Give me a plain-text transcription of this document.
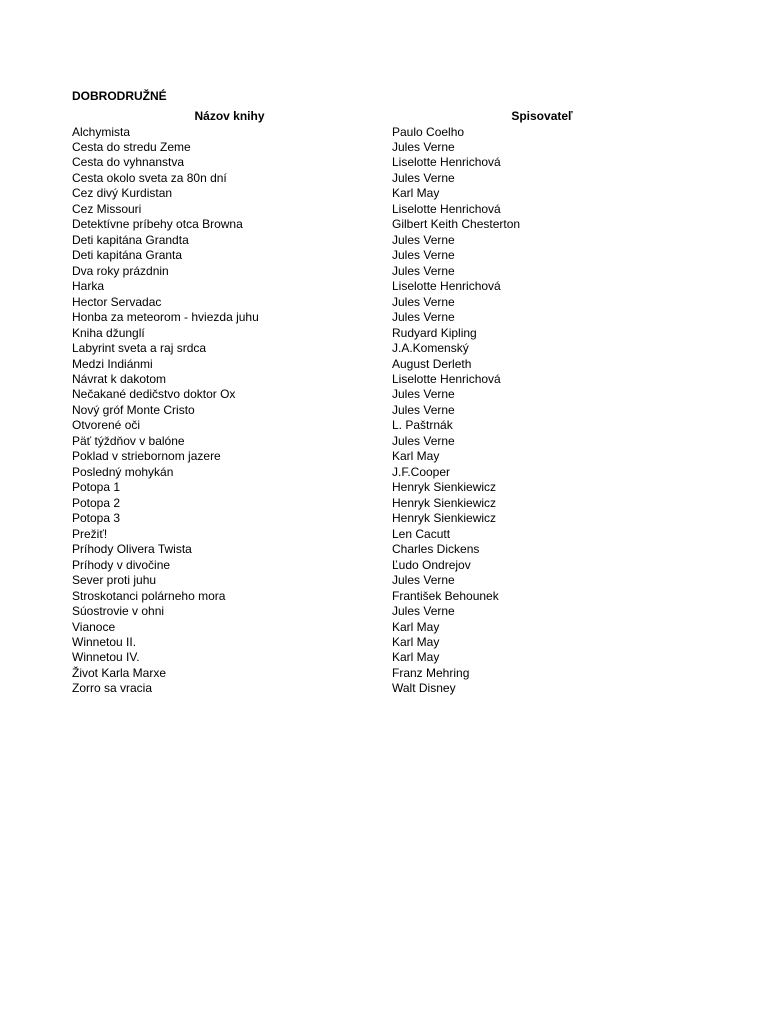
DOBRODRUŽNÉ
Názov knihy	Spisovateľ
Alchymista	Paulo Coelho
Cesta do stredu Zeme	Jules Verne
Cesta do vyhnanstva	Liselotte Henrichová
Cesta okolo sveta za 80n dní	Jules Verne
Cez divý Kurdistan	Karl May
Cez Missouri	Liselotte Henrichová
Detektívne príbehy otca Browna	Gilbert Keith Chesterton
Deti kapitána Grandta	Jules Verne
Deti kapitána Granta	Jules Verne
Dva roky prázdnin	Jules Verne
Harka	Liselotte Henrichová
Hector Servadac	Jules Verne
Honba za meteorom - hviezda juhu	Jules Verne
Kniha džunglí	Rudyard Kipling
Labyrint sveta a raj srdca	J.A.Komenský
Medzi Indiánmi	August Derleth
Návrat k dakotom	Liselotte Henrichová
Nečakané dedičstvo doktor Ox	Jules Verne
Nový gróf Monte Cristo	Jules Verne
Otvorené oči	L. Paštrnák
Päť týždňov v balóne	Jules Verne
Poklad v striebornom jazere	Karl May
Posledný mohykán	J.F.Cooper
Potopa 1	Henryk Sienkiewicz
Potopa 2	Henryk Sienkiewicz
Potopa 3	Henryk Sienkiewicz
Prežiť!	Len Cacutt
Príhody Olivera Twista	Charles Dickens
Príhody v divočine	Ľudo Ondrejov
Sever proti juhu	Jules Verne
Stroskotanci polárneho mora	František Behounek
Súostrovie v ohni	Jules Verne
Vianoce	Karl May
Winnetou II.	Karl May
Winnetou IV.	Karl May
Život Karla Marxe	Franz Mehring
Zorro sa vracia	Walt Disney
